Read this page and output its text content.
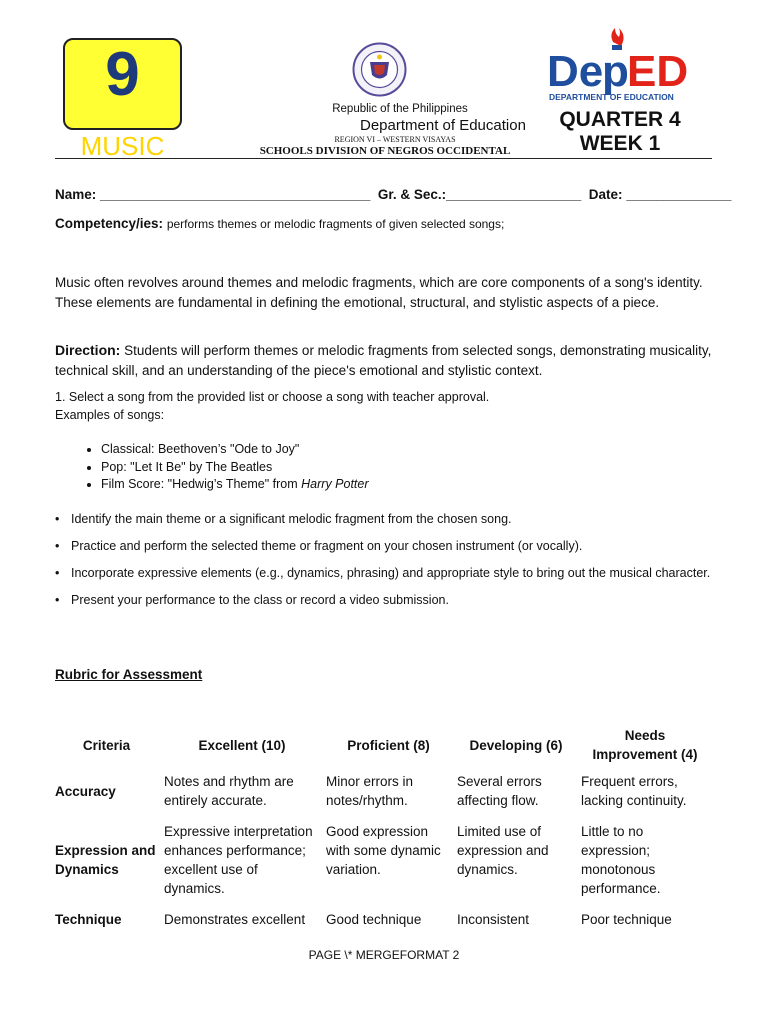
9
MUSIC
Republic of the Philippines
Department of Education
REGION VI – WESTERN VISAYAS
SCHOOLS DIVISION OF NEGROS OCCIDENTAL
De
p
ED
DEPARTMENT OF EDUCATION
QUARTER 4
WEEK 1
Name: ____________________________________ Gr. & Sec.:__________________ Date: ______________
Competency/ies: performs themes or melodic fragments of given selected songs;
Music often revolves around themes and melodic fragments, which are core components of a song's identity. These elements are fundamental in defining the emotional, structural, and stylistic aspects of a piece.
Direction: Students will perform themes or melodic fragments from selected songs, demonstrating musicality, technical skill, and an understanding of the piece's emotional and stylistic context.
1. Select a song from the provided list or choose a song with teacher approval.
Examples of songs:
• Classical: Beethoven’s "Ode to Joy"
• Pop: "Let It Be" by The Beatles
• Film Score: "Hedwig’s Theme" from Harry Potter
• Identify the main theme or a significant melodic fragment from the chosen song.
• Practice and perform the selected theme or fragment on your chosen instrument (or vocally).
• Incorporate expressive elements (e.g., dynamics, phrasing) and appropriate style to bring out the musical character.
• Present your performance to the class or record a video submission.
Rubric for Assessment
Criteria	Excellent (10)	Proficient (8)	Developing (6)	Needs Improvement (4)
Accuracy	Notes and rhythm are entirely accurate.	Minor errors in notes/rhythm.	Several errors affecting flow.	Frequent errors, lacking continuity.
Expression and Dynamics	Expressive interpretation enhances performance; excellent use of dynamics.	Good expression with some dynamic variation.	Limited use of expression and dynamics.	Little to no expression; monotonous performance.
Technique	Demonstrates excellent	Good technique	Inconsistent	Poor technique
PAGE \* MERGEFORMAT 2
